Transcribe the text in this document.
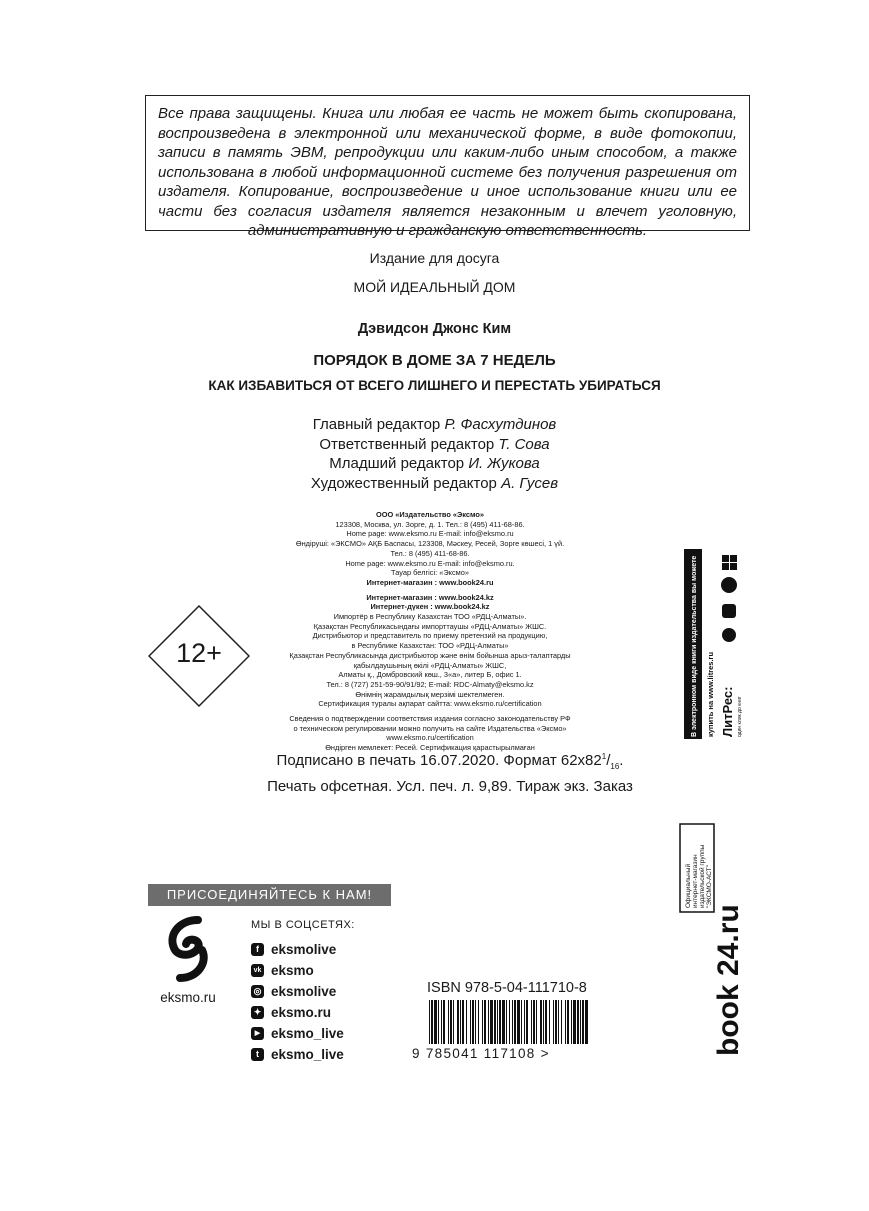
Все права защищены. Книга или любая ее часть не может быть скопирована, воспроизведена в электронной или механической форме, в виде фотокопии, записи в память ЭВМ, репродукции или каким-либо иным способом, а также использована в любой информационной системе без получения разрешения от издателя. Копирование, воспроизведение и иное использование книги или ее части без согласия издателя является незаконным и влечет уголовную, административную и гражданскую ответственность.
Издание для досуга
МОЙ ИДЕАЛЬНЫЙ ДОМ
Дэвидсон Джонс Ким
ПОРЯДОК В ДОМЕ ЗА 7 НЕДЕЛЬ
КАК ИЗБАВИТЬСЯ ОТ ВСЕГО ЛИШНЕГО И ПЕРЕСТАТЬ УБИРАТЬСЯ
Главный редактор Р. Фасхутдинов
Ответственный редактор Т. Сова
Младший редактор И. Жукова
Художественный редактор А. Гусев
ООО «Издательство «Эксмо»
123308, Москва, ул. Зорге, д. 1. Тел.: 8 (495) 411-68-86.
Home page: www.eksmo.ru E-mail: info@eksmo.ru
Өндіруші: «ЭКСМО» АҚБ Баспасы, 123308, Мәскеу, Ресей, Зорге көшесі, 1 үй.
Тел.: 8 (495) 411-68-86.
Home page: www.eksmo.ru E-mail: info@eksmo.ru.
Тауар белгісі: «Эксмо»
Интернет-магазин : www.book24.ru
Интернет-магазин : www.book24.kz
Интернет-дүкен : www.book24.kz
Импортёр в Республику Казахстан ТОО «РДЦ-Алматы».
Қазақстан Республикасындағы импорттаушы «РДЦ-Алматы» ЖШС.
Дистрибьютор и представитель по приему претензий на продукцию,
в Республике Казахстан: ТОО «РДЦ-Алматы»
Қазақстан Республикасында дистрибьютор және өнім бойынша арыз-талаптарды
қабылдаушының өкілі «РДЦ-Алматы» ЖШС,
Алматы қ., Домбровский көш., 3«а», литер Б, офис 1.
Тел.: 8 (727) 251-59-90/91/92; E-mail: RDC-Almaty@eksmo.kz
Өнімнің жарамдылық мерзімі шектелмеген.
Сертификация туралы ақпарат сайтта: www.eksmo.ru/certification
Сведения о подтверждении соответствия издания согласно законодательству РФ
о техническом регулировании можно получить на сайте Издательства «Эксмо»
www.eksmo.ru/certification
Өндірген мемлекет: Ресей. Сертификация қарастырылмаған
12+
Подписано в печать 16.07.2020. Формат $62х82^1/_{16}$.
Печать офсетная. Усл. печ. л. 9,89. Тираж экз. Заказ
В электронном виде книги издательства вы можете купить на www.litres.ru ЛитРес: один клик до книг
ПРИСОЕДИНЯЙТЕСЬ К НАМ!
eksmo.ru
МЫ В СОЦСЕТЯХ:
f eksmolive
vk eksmo
◎ eksmolive
✦ eksmo.ru
▶ eksmo_live
t eksmo_live
ISBN 978-5-04-111710-8
9 785041 117108 >
Официальный интернет-магазин издательской группы "ЭКСМО-АСТ"
book 24.ru
